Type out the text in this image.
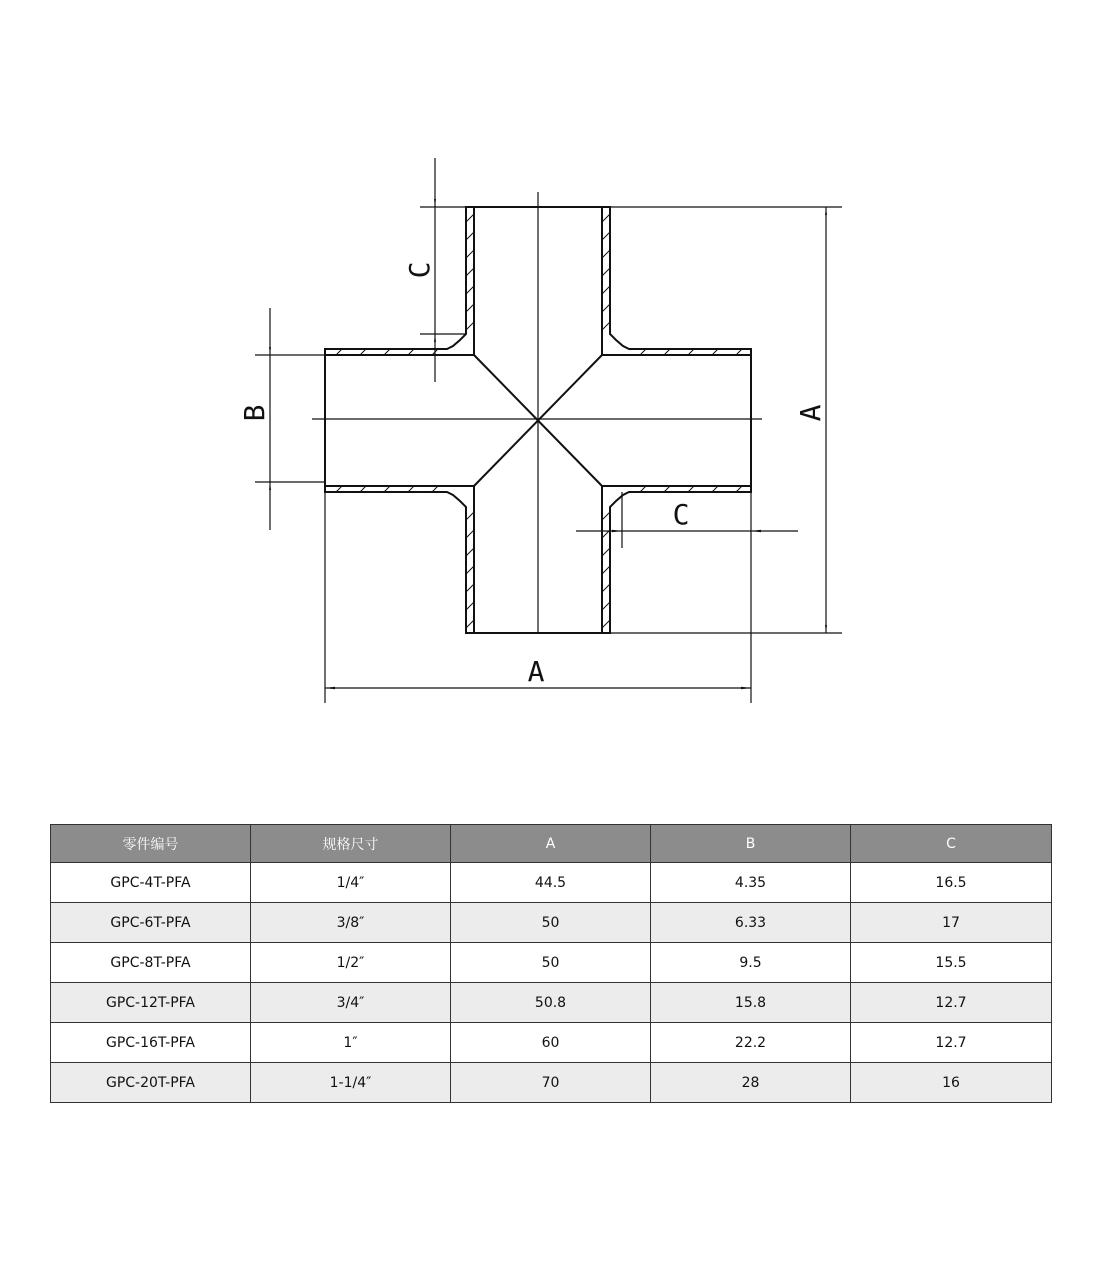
A
C
A
B
C
零件编号	规格尺寸	A	B	C
GPC-4T-PFA	1/4″	44.5	4.35	16.5
GPC-6T-PFA	3/8″	50	6.33	17
GPC-8T-PFA	1/2″	50	9.5	15.5
GPC-12T-PFA	3/4″	50.8	15.8	12.7
GPC-16T-PFA	1″	60	22.2	12.7
GPC-20T-PFA	1-1/4″	70	28	16
